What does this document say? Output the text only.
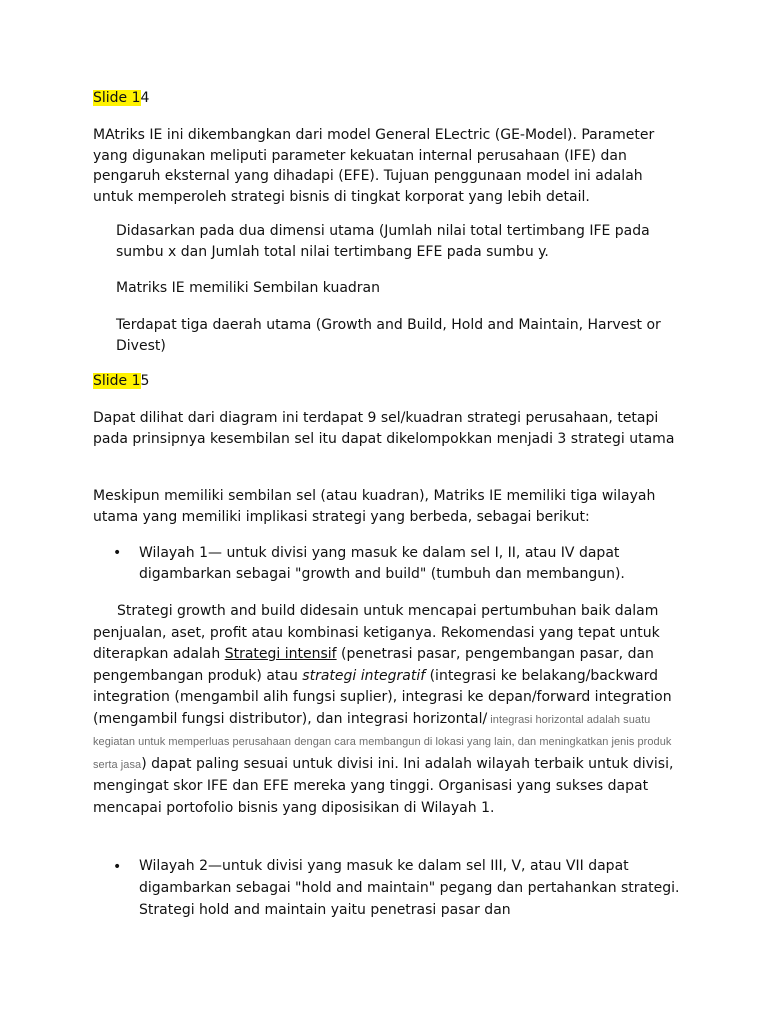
Slide 14

MAtriks IE ini dikembangkan dari model General ELectric (GE-Model). Parameter yang digunakan meliputi parameter kekuatan internal perusahaan (IFE) dan pengaruh eksternal yang dihadapi (EFE). Tujuan penggunaan model ini adalah untuk memperoleh strategi bisnis di tingkat korporat yang lebih detail.

Didasarkan pada dua dimensi utama (Jumlah nilai total tertimbang IFE pada sumbu x dan Jumlah total nilai tertimbang EFE pada sumbu y.

Matriks IE memiliki Sembilan kuadran

Terdapat tiga daerah utama (Growth and Build, Hold and Maintain, Harvest or Divest)

Slide 15

Dapat dilihat dari diagram ini terdapat 9 sel/kuadran strategi perusahaan, tetapi pada prinsipnya kesembilan sel itu dapat dikelompokkan menjadi 3 strategi utama

Meskipun memiliki sembilan sel (atau kuadran), Matriks IE memiliki tiga wilayah utama yang memiliki implikasi strategi yang berbeda, sebagai berikut:

• Wilayah 1— untuk divisi yang masuk ke dalam sel I, II, atau IV dapat digambarkan sebagai "growth and build" (tumbuh dan membangun).

Strategi growth and build didesain untuk mencapai pertumbuhan baik dalam penjualan, aset, profit atau kombinasi ketiganya. Rekomendasi yang tepat untuk diterapkan adalah Strategi intensif (penetrasi pasar, pengembangan pasar, dan pengembangan produk) atau strategi integratif (integrasi ke belakang/backward integration (mengambil alih fungsi suplier), integrasi ke depan/forward integration (mengambil fungsi distributor), dan integrasi horizontal/ integrasi horizontal adalah suatu kegiatan untuk memperluas perusahaan dengan cara membangun di lokasi yang lain, dan meningkatkan jenis produk serta jasa) dapat paling sesuai untuk divisi ini. Ini adalah wilayah terbaik untuk divisi, mengingat skor IFE dan EFE mereka yang tinggi. Organisasi yang sukses dapat mencapai portofolio bisnis yang diposisikan di Wilayah 1.

• Wilayah 2—untuk divisi yang masuk ke dalam sel III, V, atau VII dapat digambarkan sebagai "hold and maintain" pegang dan pertahankan strategi. Strategi hold and maintain yaitu penetrasi pasar dan
